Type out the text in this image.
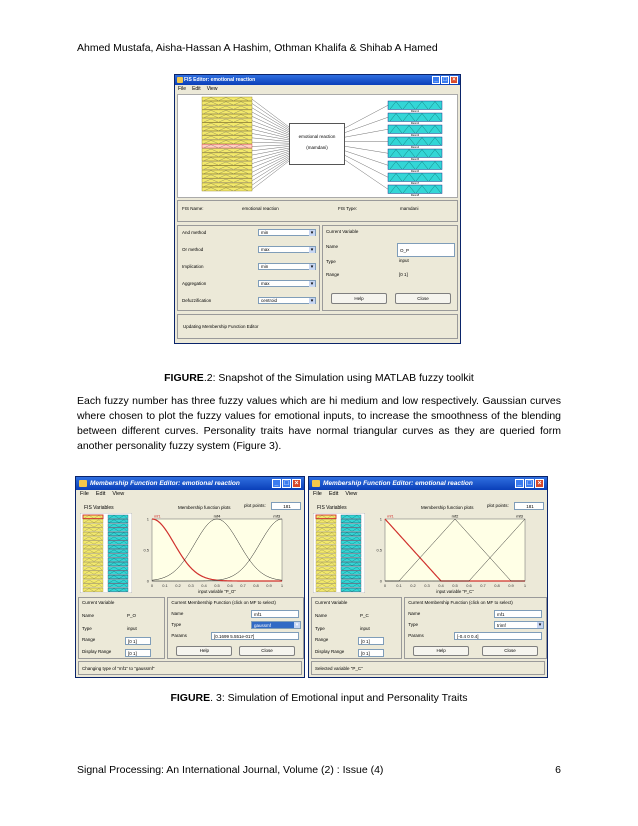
Ahmed Mustafa, Aisha-Hassan A Hashim, Othman Khalifa & Shihab A Hamed
FIS Editor: emotional reaction	_ □ ×
File Edit View
Resm1
Resm2
Resm3
Resm4
Resm5
Resm6
Resm7
Resm8
emotional reaction
(mamdani)
FIS Name:	emotional reaction	FIS Type:	mamdani
And method	min ▾
Or method	max ▾
Implication	min ▾
Aggregation	max ▾
Defuzzification	centroid ▾
Current Variable
Name
O_P
Type	input
Range	[0 1]
Help	Close
Updating Membership Function Editor
FIGURE.2: Snapshot of the Simulation using MATLAB fuzzy toolkit
Each fuzzy number has three fuzzy values which are hi medium and low respectively. Gaussian curves where chosen to plot the fuzzy values for emotional inputs, to increase the smoothness of the blending between different curves. Personality traits have normal triangular curves as they are queried form another personality fuzzy system (Figure 3).
Membership Function Editor: emotional reaction	_ □ ×
File Edit View
FIS Variables	Membership function plots	plot points:	181
1
0.5
0
0 0.1 0.2 0.3 0.4 0.5 0.6 0.7 0.8 0.9 1
input variable "P_O"
mf1	mf4	mf3
Current Variable
Name	P_O
Type	input
Range	[0 1]
Display Range	[0 1]
Current Membership Function (click on MF to select)
Name	mf1
Type	gaussmf ▾
Params	[0.1699 5.551e-017]
Help	Close
Changing type of "mf1" to "gaussmf"
Membership Function Editor: emotional reaction	_ □ ×
File Edit View
FIS Variables	Membership function plots	plot points:	181
1
0.5
0
0	0.1 0.2 0.3 0.4 0.5 0.6 0.7 0.8 0.9	1
input variable "P_C"
mf1	mf2	mf3
Current Variable
Name	P_C
Type	input
Range	[0 1]
Display Range	[0 1]
Current Membership Function (click on MF to select)
Name	mf1
Type	trimf ▾
Params	[-0.4 0 0.4]
Help	Close
Selected variable "P_C"
FIGURE. 3: Simulation of Emotional input and Personality Traits
Signal Processing: An International Journal, Volume (2) : Issue (4)	6
